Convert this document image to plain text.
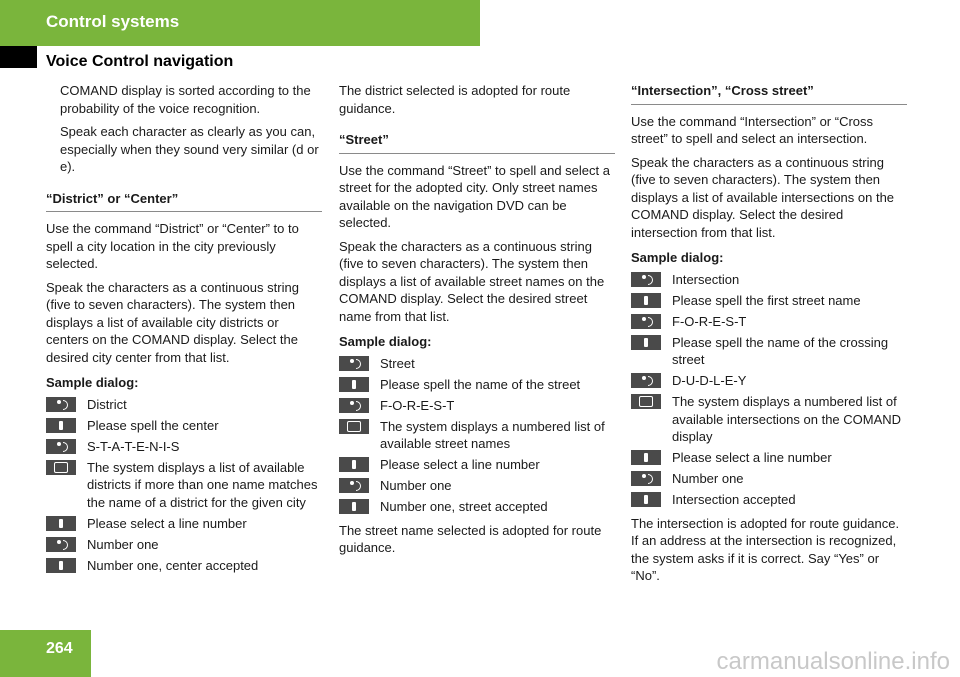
Control systems
Voice Control navigation

COMAND display is sorted according to the probability of the voice recognition.

Speak each character as clearly as you can, especially when they sound very similar (d or e).

“District” or “Center”

Use the command “District” or “Center” to to spell a city location in the city previously selected.

Speak the characters as a continuous string (five to seven characters). The system then displays a list of available city districts or centers on the COMAND display. Select the desired city center from that list.

Sample dialog:
District
Please spell the center
S-T-A-T-E-N-I-S
The system displays a list of available districts if more than one name matches the name of a district for the given city
Please select a line number
Number one
Number one, center accepted

The district selected is adopted for route guidance.

“Street”

Use the command “Street” to spell and select a street for the adopted city. Only street names available on the navigation DVD can be selected.

Speak the characters as a continuous string (five to seven characters). The system then displays a list of available street names on the COMAND display. Select the desired street name from that list.

Sample dialog:
Street
Please spell the name of the street
F-O-R-E-S-T
The system displays a numbered list of available street names
Please select a line number
Number one
Number one, street accepted

The street name selected is adopted for route guidance.

“Intersection”, “Cross street”

Use the command “Intersection” or “Cross street” to spell and select an intersection.

Speak the characters as a continuous string (five to seven characters). The system then displays a list of available intersections on the COMAND display. Select the desired intersection from that list.

Sample dialog:
Intersection
Please spell the first street name
F-O-R-E-S-T
Please spell the name of the crossing street
D-U-D-L-E-Y
The system displays a numbered list of available intersections on the COMAND display
Please select a line number
Number one
Intersection accepted

The intersection is adopted for route guidance. If an address at the intersection is recognized, the system asks if it is correct. Say “Yes” or “No”.

264	carmanualsonline.info
